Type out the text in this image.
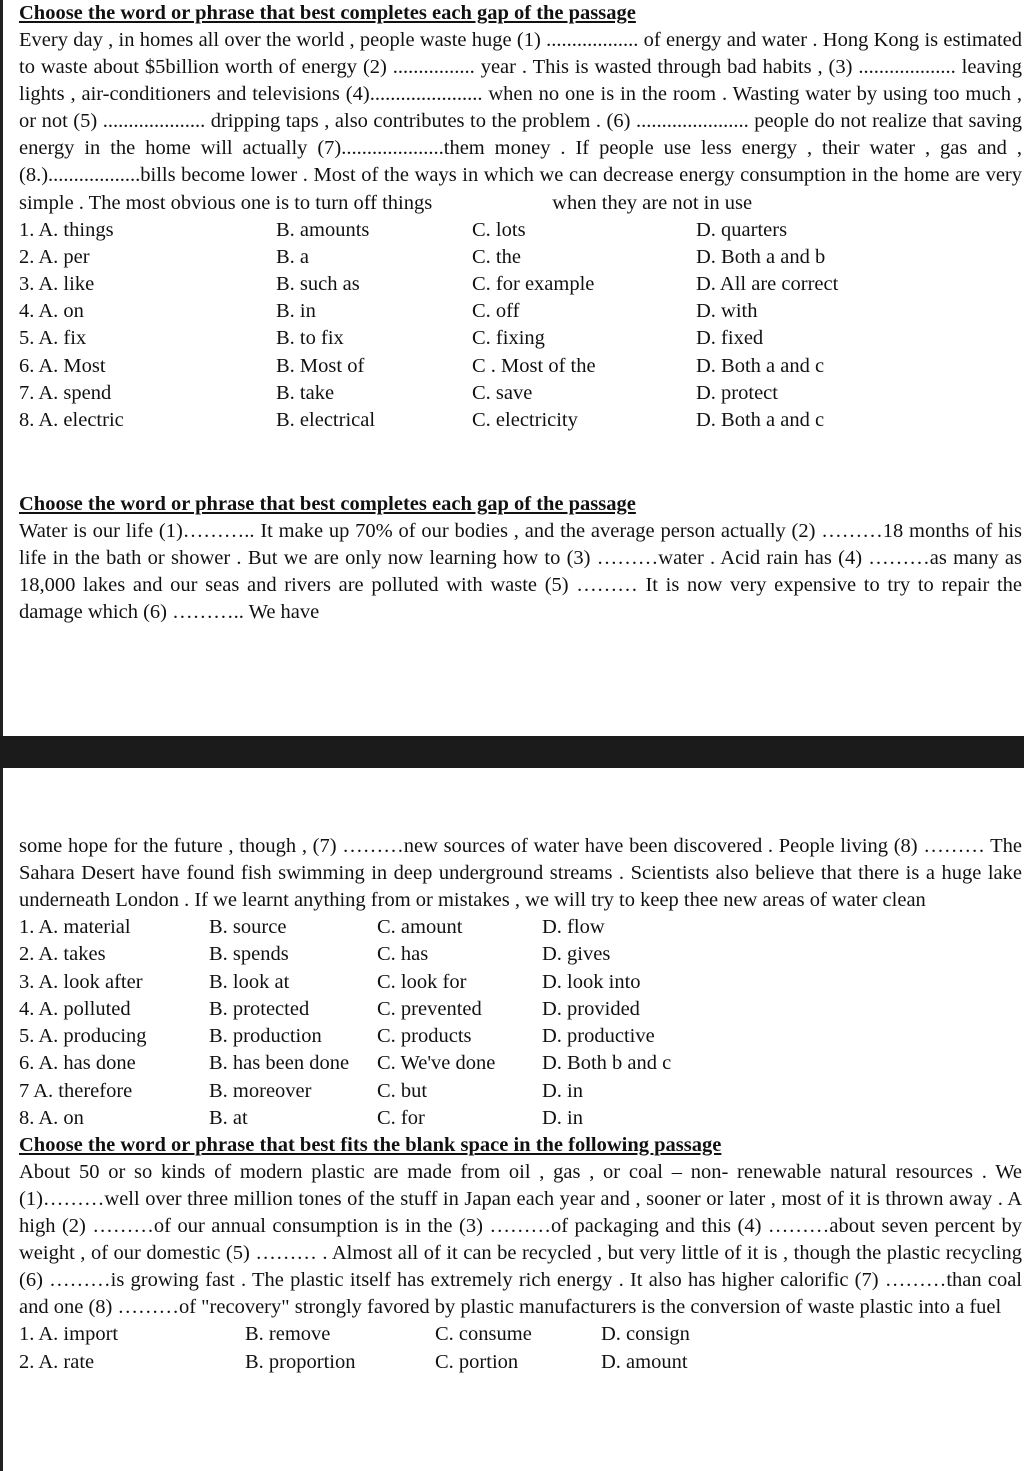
Choose the word or phrase that best completes each gap of the passage
Every day , in homes all over the world , people waste huge (1) .................. of energy and water . Hong Kong is estimated to waste about $5billion worth of energy (2) ................ year . This is wasted through bad habits , (3) ................... leaving lights , air-conditioners and televisions (4)...................... when no one is in the room . Wasting water by using too much , or not (5) .................... dripping taps , also contributes to the problem . (6) ...................... people do not realize that saving energy in the home will actually (7)....................them money . If people use less energy , their water , gas and , (8.)..................bills become lower . Most of the ways in which we can decrease energy consumption in the home are very simple . The most obvious one is to turn off things	when they are not in use
1. A. things	B. amounts	C. lots	D. quarters
2. A. per	B. a	C. the	D. Both a and b
3. A. like	B. such as	C. for example	D. All are correct
4. A. on	B. in	C. off	D. with
5. A. fix	B. to fix	C. fixing	D. fixed
6. A. Most	B. Most of	C . Most of the	D. Both a and c
7. A. spend	B. take	C. save	D. protect
8. A. electric	B. electrical	C. electricity	D. Both a and c
Choose the word or phrase that best completes each gap of the passage
Water is our life (1)……….. It make up 70% of our bodies , and the average person actually (2) ………18 months of his life in the bath or shower . But we are only now learning how to (3) ………water . Acid rain has (4) ………as many as 18,000 lakes and our seas and rivers are polluted with waste (5) ……… It is now very expensive to try to repair the damage which (6) ……….. We have
some hope for the future , though , (7) ………new sources of water have been discovered . People living (8) ……… The Sahara Desert have found fish swimming in deep underground streams . Scientists also believe that there is a huge lake underneath London . If we learnt anything from or mistakes , we will try to keep thee new areas of water clean
1. A. material	B. source	C. amount	D. flow
2. A. takes	B. spends	C. has	D. gives
3. A. look after	B. look at	C. look for	D. look into
4. A. polluted	B. protected	C. prevented	D. provided
5. A. producing	B. production	C. products	D. productive
6. A. has done	B. has been done	C. We've done	D. Both b and c
7 A. therefore	B. moreover	C. but	D. in
8. A. on	B. at	C. for	D. in
Choose the word or phrase that best fits the blank space in the following passage
About 50 or so kinds of modern plastic are made from oil , gas , or coal – non- renewable natural resources . We (1)………well over three million tones of the stuff in Japan each year and , sooner or later , most of it is thrown away . A high (2) ………of our annual consumption is in the (3) ………of packaging and this (4) ………about seven percent by weight , of our domestic (5) ……… . Almost all of it can be recycled , but very little of it is , though the plastic recycling (6) ………is growing fast . The plastic itself has extremely rich energy . It also has higher calorific (7) ………than coal and one (8) ………of "recovery" strongly favored by plastic manufacturers is the conversion of waste plastic into a fuel
1. A. import	B. remove	C. consume	D. consign
2. A. rate	B. proportion	C. portion	D. amount
